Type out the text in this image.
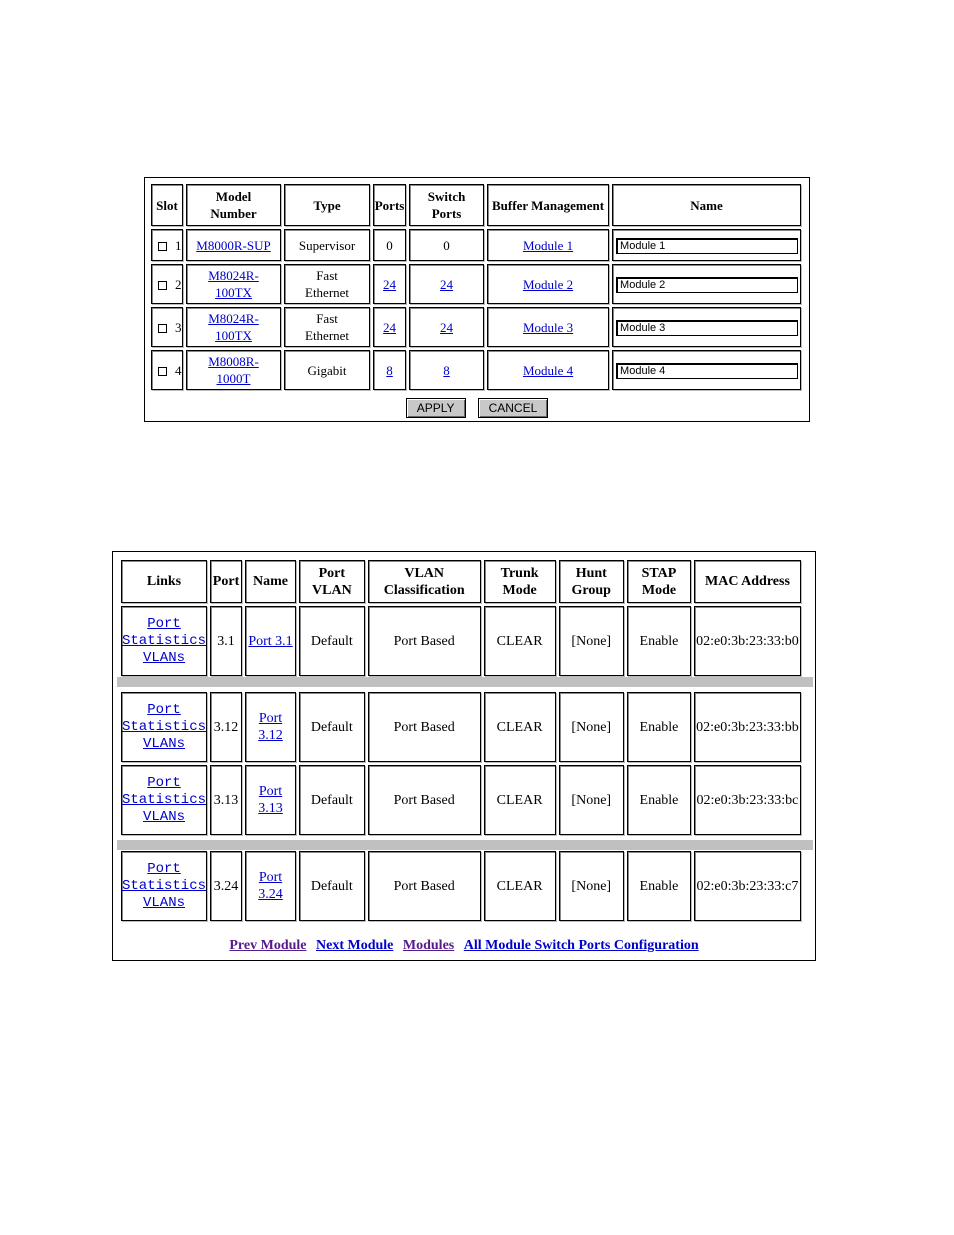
Slot	Model Number	Type	Ports	Switch Ports	Buffer Management	Name
1	M8000R-SUP	Supervisor	0	0	Module 1	Module 1
2	M8024R-100TX	Fast Ethernet	24	24	Module 2	Module 2
3	M8024R-100TX	Fast Ethernet	24	24	Module 3	Module 3
4	M8008R-1000T	Gigabit	8	8	Module 4	Module 4
APPLY	CANCEL
Links	Port	Name	Port VLAN	VLAN Classification	Trunk Mode	Hunt Group	STAP Mode	MAC Address
Port
Statistics
VLANs	3.1	Port 3.1	Default	Port Based	CLEAR	[None]	Enable	02:e0:3b:23:33:b0

Port
Statistics
VLANs	3.12	Port 3.12	Default	Port Based	CLEAR	[None]	Enable	02:e0:3b:23:33:bb
Port
Statistics
VLANs	3.13	Port 3.13	Default	Port Based	CLEAR	[None]	Enable	02:e0:3b:23:33:bc

Port
Statistics
VLANs	3.24	Port 3.24	Default	Port Based	CLEAR	[None]	Enable	02:e0:3b:23:33:c7
Prev Module Next Module Modules All Module Switch Ports Configuration
